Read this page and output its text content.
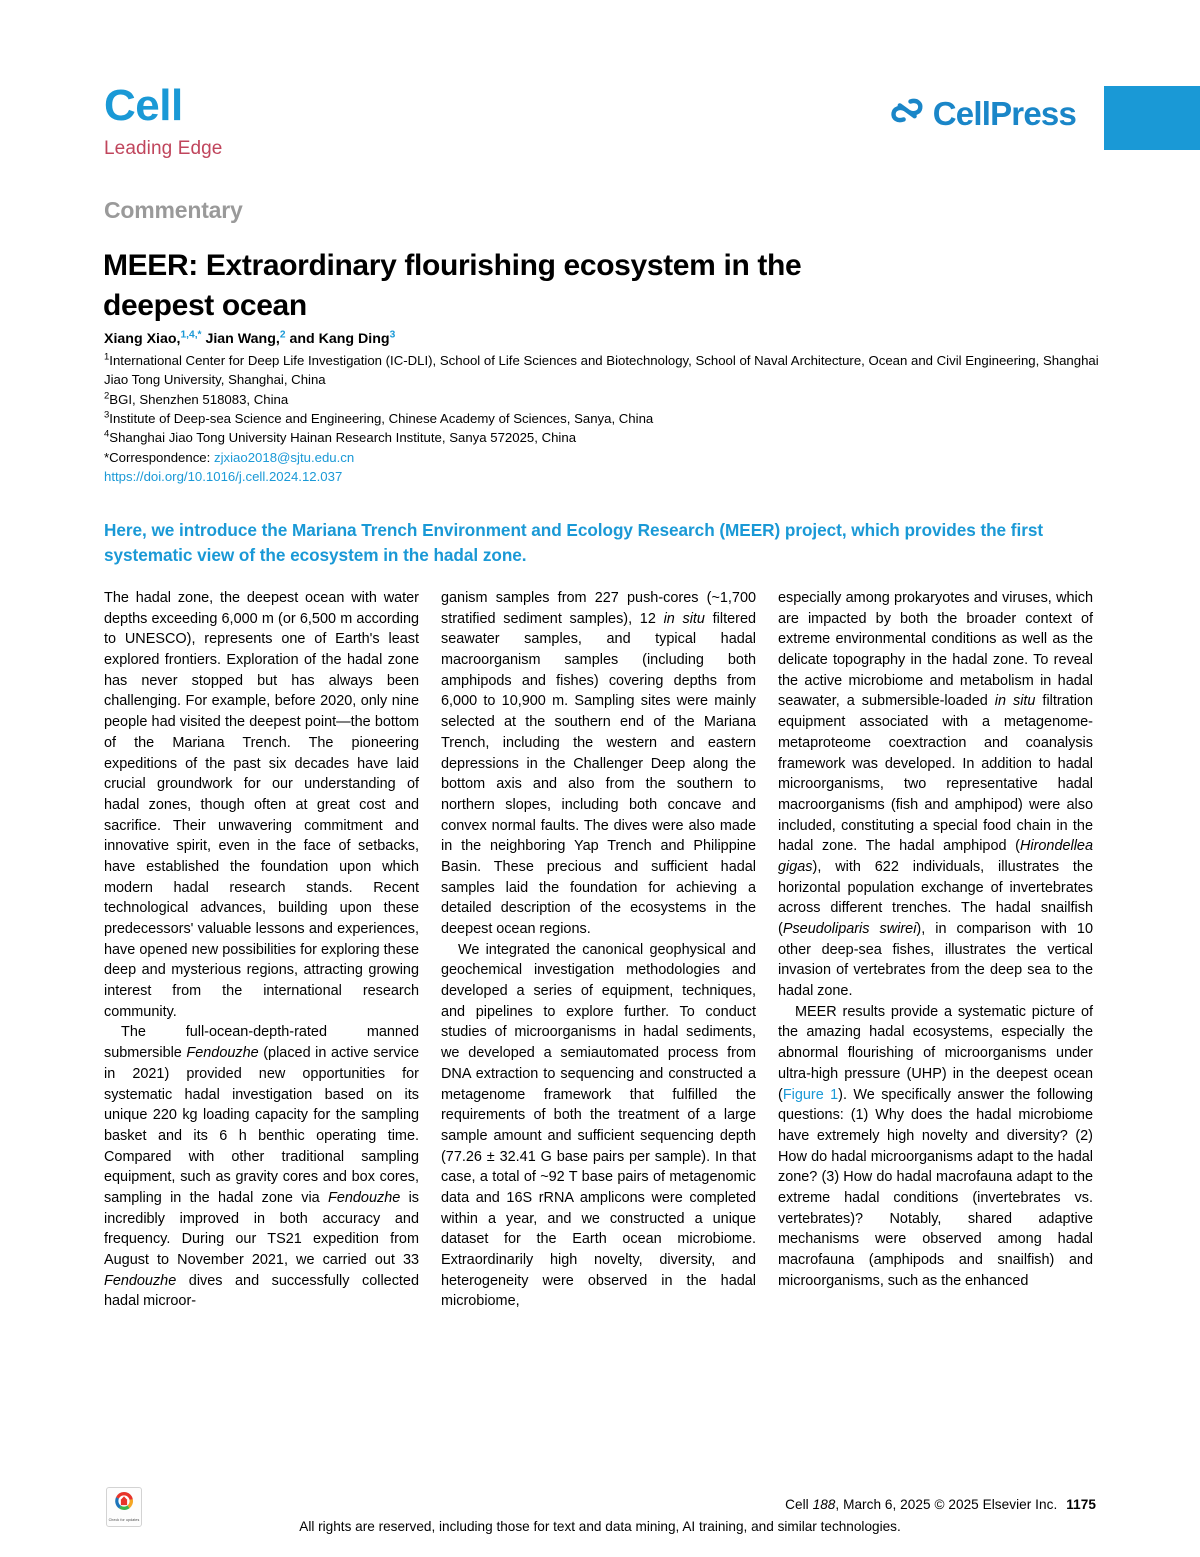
Cell
Leading Edge
CellPress
Commentary
MEER: Extraordinary flourishing ecosystem in the deepest ocean
Xiang Xiao,$^{1,4,*}$ Jian Wang,$^2$ and Kang Ding$^3$
$^1$International Center for Deep Life Investigation (IC-DLI), School of Life Sciences and Biotechnology, School of Naval Architecture, Ocean and Civil Engineering, Shanghai Jiao Tong University, Shanghai, China
$^2$BGI, Shenzhen 518083, China
$^3$Institute of Deep-sea Science and Engineering, Chinese Academy of Sciences, Sanya, China
$^4$Shanghai Jiao Tong University Hainan Research Institute, Sanya 572025, China
*Correspondence: zjxiao2018@sjtu.edu.cn
https://doi.org/10.1016/j.cell.2024.12.037
Here, we introduce the Mariana Trench Environment and Ecology Research (MEER) project, which provides the first systematic view of the ecosystem in the hadal zone.

The hadal zone, the deepest ocean with water depths exceeding 6,000 m (or 6,500 m according to UNESCO), represents one of Earth's least explored frontiers. Exploration of the hadal zone has never stopped but has always been challenging. For example, before 2020, only nine people had visited the deepest point—the bottom of the Mariana Trench. The pioneering expeditions of the past six decades have laid crucial groundwork for our understanding of hadal zones, though often at great cost and sacrifice. Their unwavering commitment and innovative spirit, even in the face of setbacks, have established the foundation upon which modern hadal research stands. Recent technological advances, building upon these predecessors' valuable lessons and experiences, have opened new possibilities for exploring these deep and mysterious regions, attracting growing interest from the international research community.

The full-ocean-depth-rated manned submersible Fendouzhe (placed in active service in 2021) provided new opportunities for systematic hadal investigation based on its unique 220 kg loading capacity for the sampling basket and its 6 h benthic operating time. Compared with other traditional sampling equipment, such as gravity cores and box cores, sampling in the hadal zone via Fendouzhe is incredibly improved in both accuracy and frequency. During our TS21 expedition from August to November 2021, we carried out 33 Fendouzhe dives and successfully collected hadal microor-

ganism samples from 227 push-cores (~1,700 stratified sediment samples), 12 in situ filtered seawater samples, and typical hadal macroorganism samples (including both amphipods and fishes) covering depths from 6,000 to 10,900 m. Sampling sites were mainly selected at the southern end of the Mariana Trench, including the western and eastern depressions in the Challenger Deep along the bottom axis and also from the southern to northern slopes, including both concave and convex normal faults. The dives were also made in the neighboring Yap Trench and Philippine Basin. These precious and sufficient hadal samples laid the foundation for achieving a detailed description of the ecosystems in the deepest ocean regions.

We integrated the canonical geophysical and geochemical investigation methodologies and developed a series of equipment, techniques, and pipelines to explore further. To conduct studies of microorganisms in hadal sediments, we developed a semiautomated process from DNA extraction to sequencing and constructed a metagenome framework that fulfilled the requirements of both the treatment of a large sample amount and sufficient sequencing depth (77.26 ± 32.41 G base pairs per sample). In that case, a total of ~92 T base pairs of metagenomic data and 16S rRNA amplicons were completed within a year, and we constructed a unique dataset for the Earth ocean microbiome. Extraordinarily high novelty, diversity, and heterogeneity were observed in the hadal microbiome,

especially among prokaryotes and viruses, which are impacted by both the broader context of extreme environmental conditions as well as the delicate topography in the hadal zone. To reveal the active microbiome and metabolism in hadal seawater, a submersible-loaded in situ filtration equipment associated with a metagenome-metaproteome coextraction and coanalysis framework was developed. In addition to hadal microorganisms, two representative hadal macroorganisms (fish and amphipod) were also included, constituting a special food chain in the hadal zone. The hadal amphipod (Hirondellea gigas), with 622 individuals, illustrates the horizontal population exchange of invertebrates across different trenches. The hadal snailfish (Pseudoliparis swirei), in comparison with 10 other deep-sea fishes, illustrates the vertical invasion of vertebrates from the deep sea to the hadal zone.

MEER results provide a systematic picture of the amazing hadal ecosystems, especially the abnormal flourishing of microorganisms under ultra-high pressure (UHP) in the deepest ocean (Figure 1). We specifically answer the following questions: (1) Why does the hadal microbiome have extremely high novelty and diversity? (2) How do hadal microorganisms adapt to the hadal zone? (3) How do hadal macrofauna adapt to the extreme hadal conditions (invertebrates vs. vertebrates)? Notably, shared adaptive mechanisms were observed among hadal macrofauna (amphipods and snailfish) and microorganisms, such as the enhanced

Check for updates
Cell 188, March 6, 2025 © 2025 Elsevier Inc. 1175
All rights are reserved, including those for text and data mining, AI training, and similar technologies.
